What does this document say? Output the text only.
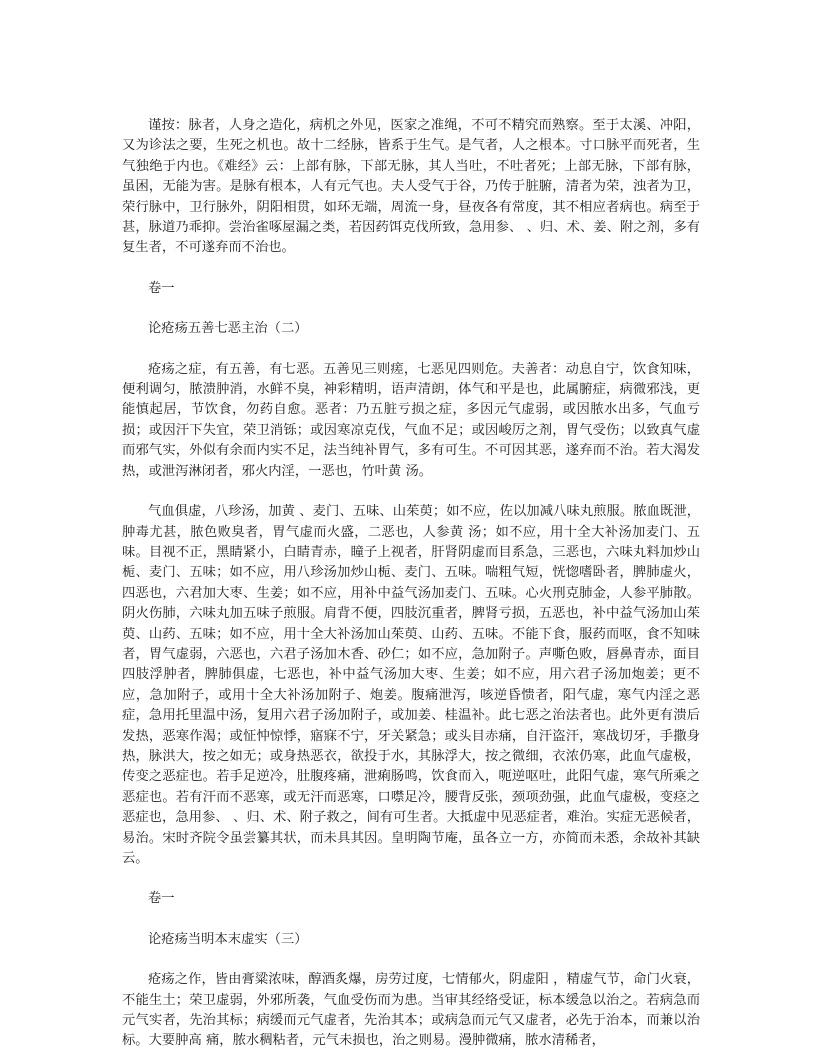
谨按：脉者，人身之造化，病机之外见，医家之准绳，不可不精究而熟察。至于太溪、冲阳，又为诊法之要，生死之机也。故十二经脉，皆系于生气。是气者，人之根本。寸口脉平而死者，生气独绝于内也。《难经》云：上部有脉，下部无脉，其人当吐，不吐者死；上部无脉，下部有脉，虽困，无能为害。是脉有根本，人有元气也。夫人受气于谷，乃传于脏腑，清者为荣，浊者为卫，荣行脉中，卫行脉外，阴阳相贯，如环无端，周流一身，昼夜各有常度，其不相应者病也。病至于甚，脉道乃乖抑。尝治雀啄屋漏之类，若因药饵克伐所致，急用参、 、归、术、姜、附之剂，多有复生者，不可遂弃而不治也。

卷一

论疮疡五善七恶主治（二）

疮疡之症，有五善，有七恶。五善见三则瘥，七恶见四则危。夫善者：动息自宁，饮食知味，便利调匀，脓溃肿消，水鲜不臭，神彩精明，语声清朗，体气和平是也，此属腑症，病微邪浅，更能慎起居，节饮食，勿药自愈。恶者：乃五脏亏损之症，多因元气虚弱，或因脓水出多，气血亏损；或因汗下失宜，荣卫消铄；或因寒凉克伐，气血不足；或因峻厉之剂，胃气受伤；以致真气虚而邪气实，外似有余而内实不足，法当纯补胃气，多有可生。不可因其恶，遂弃而不治。若大渴发热，或泄泻淋闭者，邪火内淫，一恶也，竹叶黄 汤。

气血俱虚，八珍汤，加黄 、麦门、五味、山茱萸；如不应，佐以加减八味丸煎服。脓血既泄，肿毒尤甚，脓色败臭者，胃气虚而火盛，二恶也，人参黄 汤；如不应，用十全大补汤加麦门、五味。目视不正，黑睛紧小，白睛青赤，瞳子上视者，肝肾阴虚而目系急，三恶也，六味丸料加炒山栀、麦门、五味；如不应，用八珍汤加炒山栀、麦门、五味。喘粗气短，恍惚嗜卧者，脾肺虚火，四恶也，六君加大枣、生姜；如不应，用补中益气汤加麦门、五味。心火刑克肺金，人参平肺散。阴火伤肺，六味丸加五味子煎服。肩背不便，四肢沉重者，脾肾亏损，五恶也，补中益气汤加山茱萸、山药、五味；如不应，用十全大补汤加山茱萸、山药、五味。不能下食，服药而呕，食不知味者，胃气虚弱，六恶也，六君子汤加木香、砂仁；如不应，急加附子。声嘶色败，唇鼻青赤，面目四肢浮肿者，脾肺俱虚，七恶也，补中益气汤加大枣、生姜；如不应，用六君子汤加炮姜；更不应，急加附子，或用十全大补汤加附子、炮姜。腹痛泄泻，咳逆昏愦者，阳气虚，寒气内淫之恶症，急用托里温中汤，复用六君子汤加附子，或加姜、桂温补。此七恶之治法者也。此外更有溃后发热，恶寒作渴；或怔忡惊悸，寤寐不宁，牙关紧急；或头目赤痛，自汗盗汗，寒战切牙，手撒身热，脉洪大，按之如无；或身热恶衣，欲投于水，其脉浮大，按之微细，衣浓仍寒，此血气虚极，传变之恶症也。若手足逆冷，肚腹疼痛，泄痢肠鸣，饮食而入，呃逆呕吐，此阳气虚，寒气所乘之恶症也。若有汗而不恶寒，或无汗而恶寒，口噤足冷，腰背反张，颈项劲强，此血气虚极，变痉之恶症也，急用参、 、归、术、附子救之，间有可生者。大抵虚中见恶症者，难治。实症无恶候者，易治。宋时齐院令虽尝纂其状，而未具其因。皇明陶节庵，虽各立一方，亦简而未悉，余故补其缺云。

卷一

论疮疡当明本末虚实（三）

疮疡之作，皆由膏粱浓味，醇酒炙爆，房劳过度，七情郁火，阴虚阳 ，精虚气节，命门火衰，不能生土；荣卫虚弱，外邪所袭，气血受伤而为患。当审其经络受证，标本缓急以治之。若病急而元气实者，先治其标；病缓而元气虚者，先治其本；或病急而元气又虚者，必先于治本，而兼以治标。大要肿高 痛，脓水稠粘者，元气未损也，治之则易。漫肿微痛，脓水清稀者，
